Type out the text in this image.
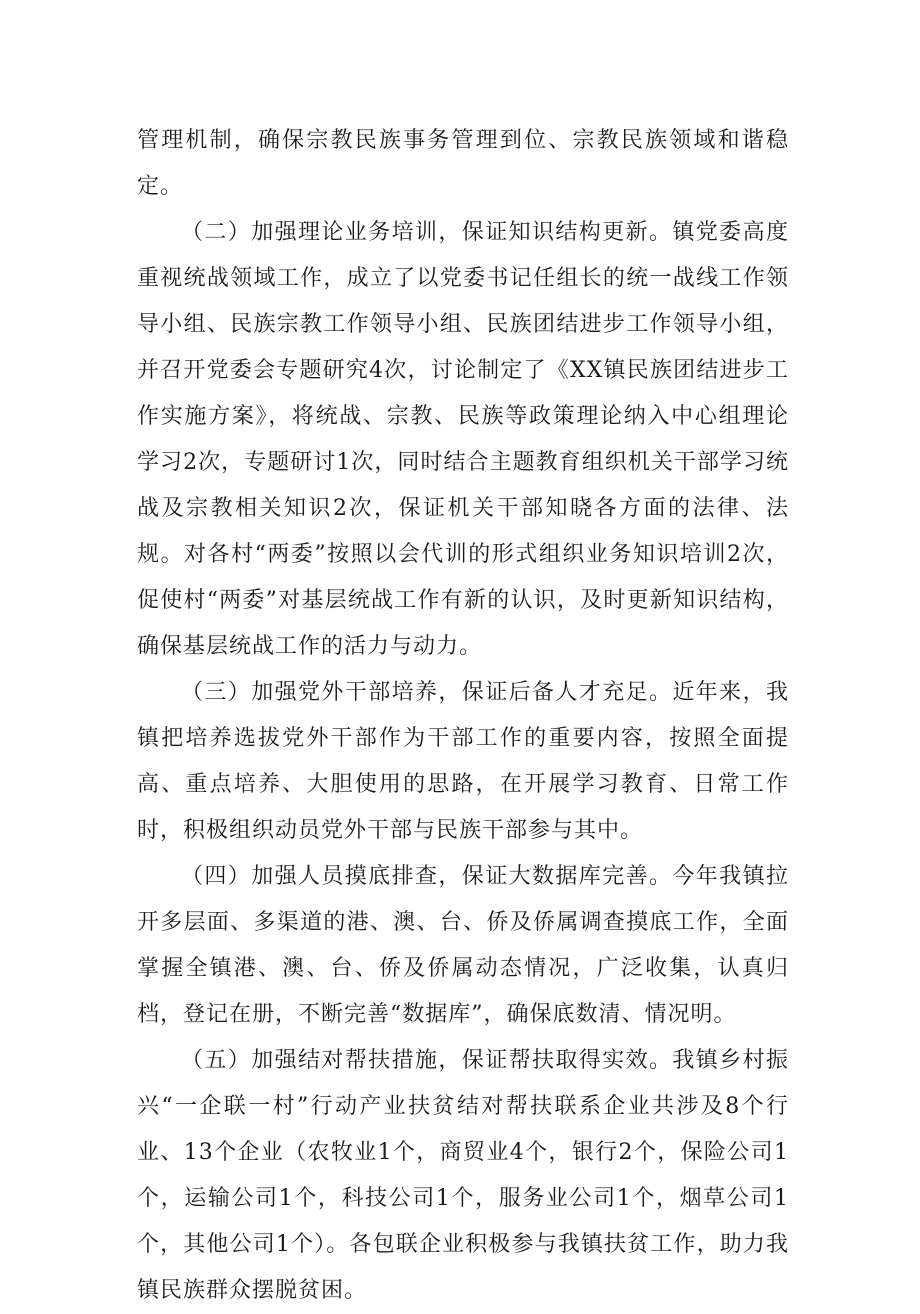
管理机制，确保宗教民族事务管理到位、宗教民族领域和谐稳定。

（二）加强理论业务培训，保证知识结构更新。镇党委高度重视统战领域工作，成立了以党委书记任组长的统一战线工作领导小组、民族宗教工作领导小组、民族团结进步工作领导小组，并召开党委会专题研究4次，讨论制定了《XX镇民族团结进步工作实施方案》，将统战、宗教、民族等政策理论纳入中心组理论学习2次，专题研讨1次，同时结合主题教育组织机关干部学习统战及宗教相关知识2次，保证机关干部知晓各方面的法律、法规。对各村“两委”按照以会代训的形式组织业务知识培训2次，促使村“两委”对基层统战工作有新的认识，及时更新知识结构，确保基层统战工作的活力与动力。

（三）加强党外干部培养，保证后备人才充足。近年来，我镇把培养选拔党外干部作为干部工作的重要内容，按照全面提高、重点培养、大胆使用的思路，在开展学习教育、日常工作时，积极组织动员党外干部与民族干部参与其中。

（四）加强人员摸底排查，保证大数据库完善。今年我镇拉开多层面、多渠道的港、澳、台、侨及侨属调查摸底工作，全面掌握全镇港、澳、台、侨及侨属动态情况，广泛收集，认真归档，登记在册，不断完善“数据库”，确保底数清、情况明。

（五）加强结对帮扶措施，保证帮扶取得实效。我镇乡村振兴“一企联一村”行动产业扶贫结对帮扶联系企业共涉及8个行业、13个企业（农牧业1个，商贸业4个，银行2个，保险公司1个，运输公司1个，科技公司1个，服务业公司1个，烟草公司1个，其他公司1个）。各包联企业积极参与我镇扶贫工作，助力我镇民族群众摆脱贫困。
